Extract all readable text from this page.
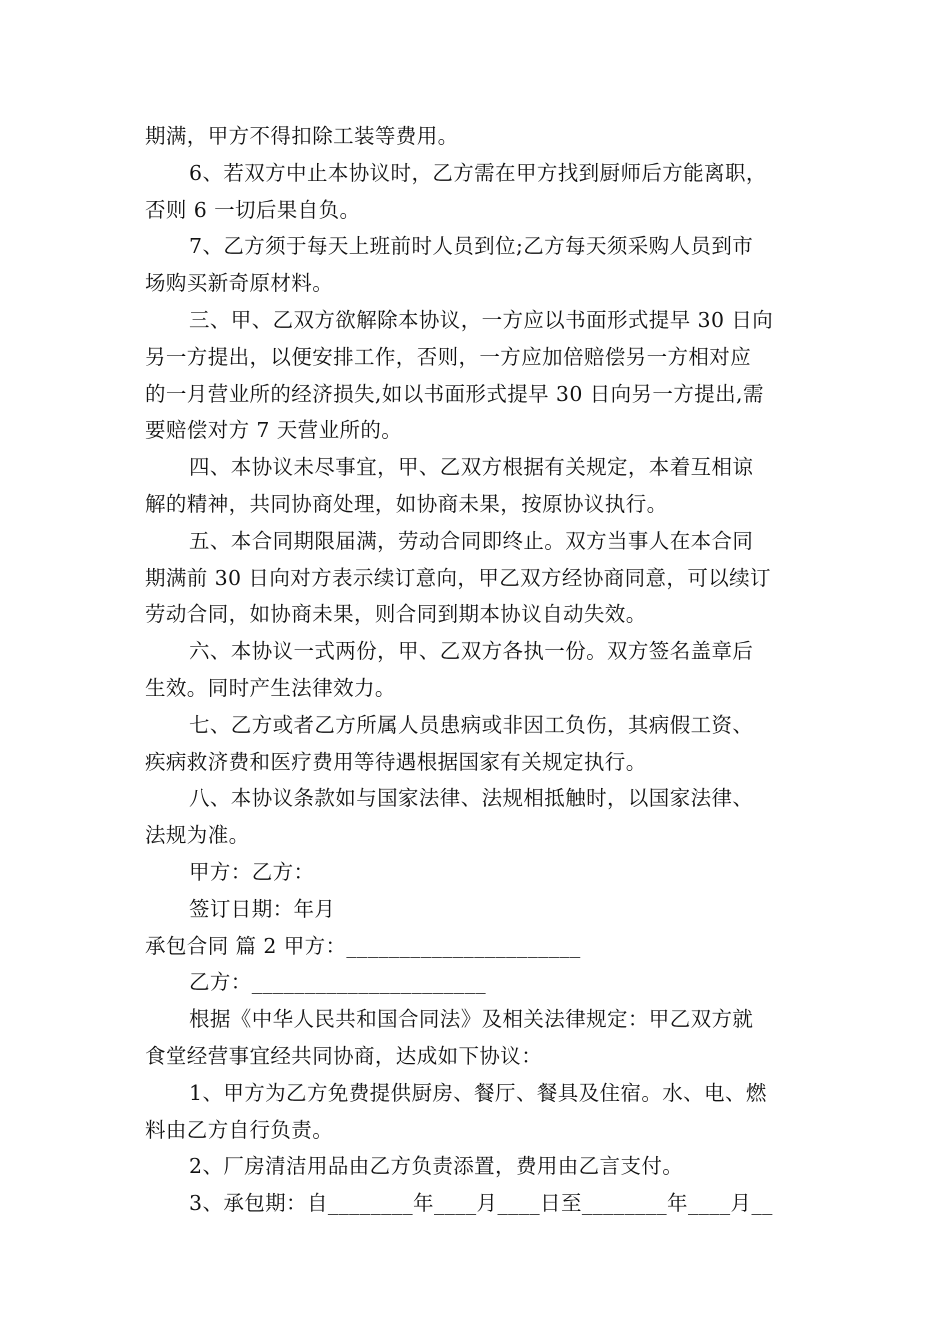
期满，甲方不得扣除工装等费用。
6、若双方中止本协议时，乙方需在甲方找到厨师后方能离职，
否则 6 一切后果自负。
7、乙方须于每天上班前时人员到位;乙方每天须采购人员到市
场购买新奇原材料。
三、甲、乙双方欲解除本协议，一方应以书面形式提早 30 日向
另一方提出，以便安排工作，否则，一方应加倍赔偿另一方相对应
的一月营业所的经济损失,如以书面形式提早 30 日向另一方提出,需
要赔偿对方 7 天营业所的。
四、本协议未尽事宜，甲、乙双方根据有关规定，本着互相谅
解的精神，共同协商处理，如协商未果，按原协议执行。
五、本合同期限届满，劳动合同即终止。双方当事人在本合同
期满前 30 日向对方表示续订意向，甲乙双方经协商同意，可以续订
劳动合同，如协商未果，则合同到期本协议自动失效。
六、本协议一式两份，甲、乙双方各执一份。双方签名盖章后
生效。同时产生法律效力。
七、乙方或者乙方所属人员患病或非因工负伤，其病假工资、
疾病救济费和医疗费用等待遇根据国家有关规定执行。
八、本协议条款如与国家法律、法规相抵触时，以国家法律、
法规为准。
甲方：乙方：
签订日期：年月
承包合同 篇 2 甲方：______________________
乙方：______________________
根据《中华人民共和国合同法》及相关法律规定：甲乙双方就
食堂经营事宜经共同协商，达成如下协议：
1、甲方为乙方免费提供厨房、餐厅、餐具及住宿。水、电、燃
料由乙方自行负责。
2、厂房清洁用品由乙方负责添置，费用由乙言支付。
3、承包期：自________年____月____日至________年____月__
